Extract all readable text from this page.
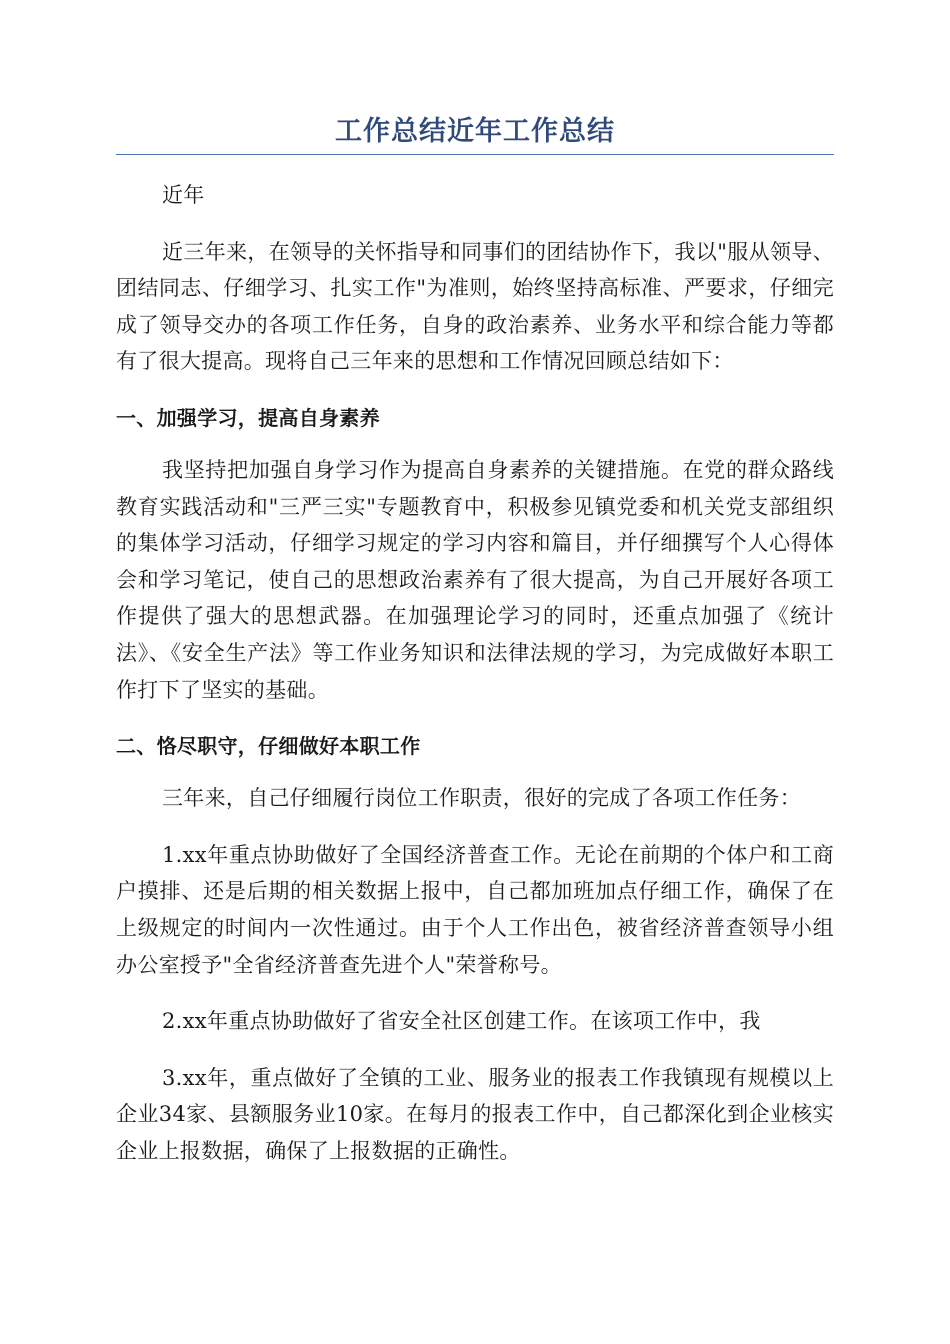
工作总结近年工作总结

近年

近三年来，在领导的关怀指导和同事们的团结协作下，我以"服从领导、团结同志、仔细学习、扎实工作"为准则，始终坚持高标准、严要求，仔细完成了领导交办的各项工作任务，自身的政治素养、业务水平和综合能力等都有了很大提高。现将自己三年来的思想和工作情况回顾总结如下：

一、加强学习，提高自身素养

我坚持把加强自身学习作为提高自身素养的关键措施。在党的群众路线教育实践活动和"三严三实"专题教育中，积极参见镇党委和机关党支部组织的集体学习活动，仔细学习规定的学习内容和篇目，并仔细撰写个人心得体会和学习笔记，使自己的思想政治素养有了很大提高，为自己开展好各项工作提供了强大的思想武器。在加强理论学习的同时，还重点加强了《统计法》、《安全生产法》等工作业务知识和法律法规的学习，为完成做好本职工作打下了坚实的基础。

二、恪尽职守，仔细做好本职工作

三年来，自己仔细履行岗位工作职责，很好的完成了各项工作任务：

1.xx年重点协助做好了全国经济普查工作。无论在前期的个体户和工商户摸排、还是后期的相关数据上报中，自己都加班加点仔细工作，确保了在上级规定的时间内一次性通过。由于个人工作出色，被省经济普查领导小组办公室授予"全省经济普查先进个人"荣誉称号。

2.xx年重点协助做好了省安全社区创建工作。在该项工作中，我

3.xx年，重点做好了全镇的工业、服务业的报表工作我镇现有规模以上企业34家、县额服务业10家。在每月的报表工作中，自己都深化到企业核实企业上报数据，确保了上报数据的正确性。
